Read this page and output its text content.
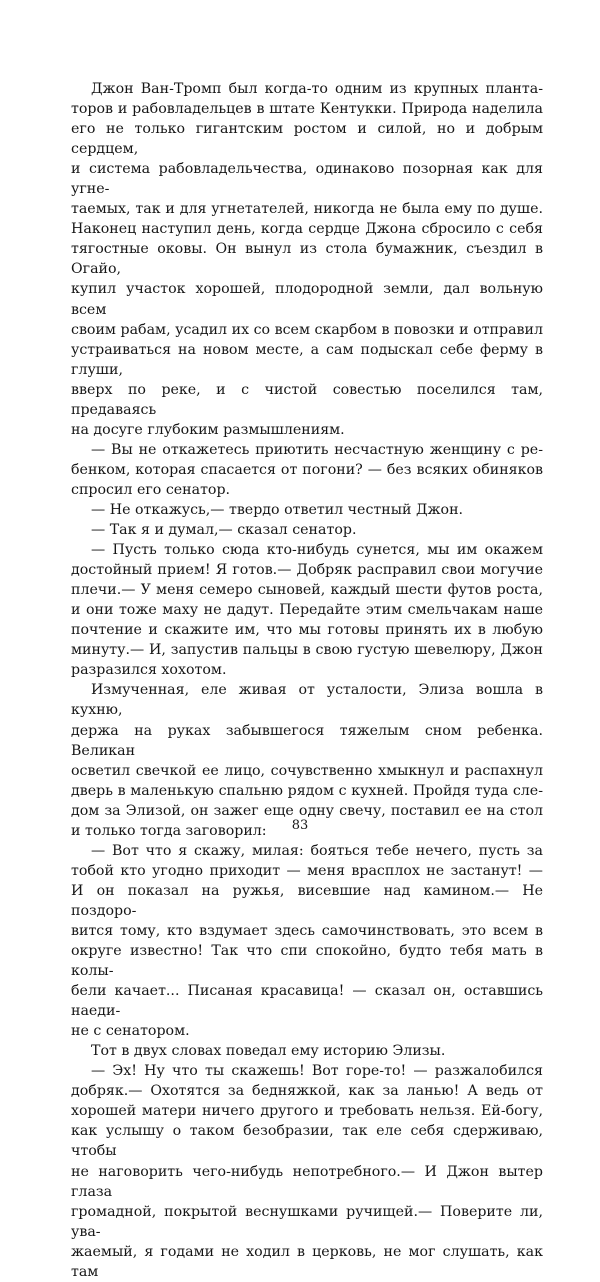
Джон Ван-Тромп был когда-то одним из крупных планта-
торов и рабовладельцев в штате Кентукки. Природа наделила
его не только гигантским ростом и силой, но и добрым сердцем,
и система рабовладельчества, одинаково позорная как для угне-
таемых, так и для угнетателей, никогда не была ему по душе.
Наконец наступил день, когда сердце Джона сбросило с себя
тягостные оковы. Он вынул из стола бумажник, съездил в Огайо,
купил участок хорошей, плодородной земли, дал вольную всем
своим рабам, усадил их со всем скарбом в повозки и отправил
устраиваться на новом месте, а сам подыскал себе ферму в глуши,
вверх по реке, и с чистой совестью поселился там, предаваясь
на досуге глубоким размышлениям.

— Вы не откажетесь приютить несчастную женщину с ре-
бенком, которая спасается от погони? — без всяких обиняков
спросил его сенатор.

— Не откажусь,— твердо ответил честный Джон.

— Так я и думал,— сказал сенатор.

— Пусть только сюда кто-нибудь сунется, мы им окажем
достойный прием! Я готов.— Добряк расправил свои могучие
плечи.— У меня семеро сыновей, каждый шести футов роста,
и они тоже маху не дадут. Передайте этим смельчакам наше
почтение и скажите им, что мы готовы принять их в любую
минуту.— И, запустив пальцы в свою густую шевелюру, Джон
разразился хохотом.

Измученная, еле живая от усталости, Элиза вошла в кухню,
держа на руках забывшегося тяжелым сном ребенка. Великан
осветил свечкой ее лицо, сочувственно хмыкнул и распахнул
дверь в маленькую спальню рядом с кухней. Пройдя туда сле-
дом за Элизой, он зажег еще одну свечу, поставил ее на стол
и только тогда заговорил:

— Вот что я скажу, милая: бояться тебе нечего, пусть за
тобой кто угодно приходит — меня врасплох не застанут! —
И он показал на ружья, висевшие над камином.— Не поздоро-
вится тому, кто вздумает здесь самочинствовать, это всем в
округе известно! Так что спи спокойно, будто тебя мать в колы-
бели качает... Писаная красавица! — сказал он, оставшись наеди-
не с сенатором.

Тот в двух словах поведал ему историю Элизы.

— Эх! Ну что ты скажешь! Вот горе-то! — разжалобился
добряк.— Охотятся за бедняжкой, как за ланью! А ведь от
хорошей матери ничего другого и требовать нельзя. Ей-богу,
как услышу о таком безобразии, так еле себя сдерживаю, чтобы
не наговорить чего-нибудь непотребного.— И Джон вытер глаза
громадной, покрытой веснушками ручищей.— Поверите ли, ува-
жаемый, я годами не ходил в церковь, не мог слушать, как там

83
